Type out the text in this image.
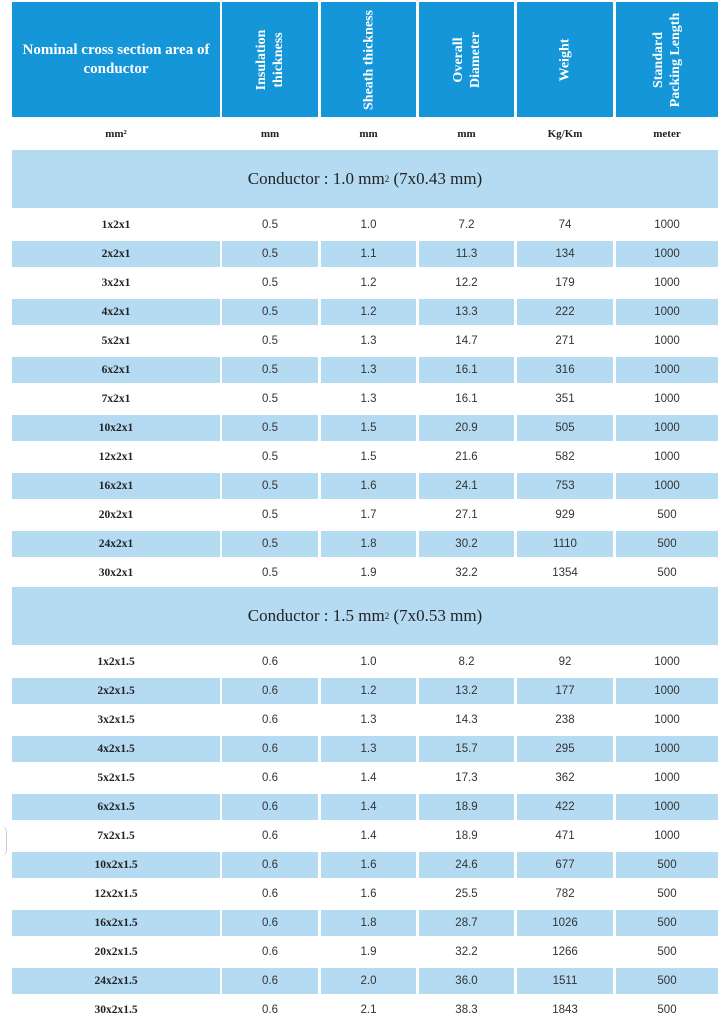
Nominal cross section area of conductor	Insulation thickness	Sheath thickness	Overall Diameter	Weight	Standard Packing Length
mm²	mm	mm	mm	Kg/Km	meter
Conductor : 1.0 mm 2 (7x0.43 mm)
1x2x1	0.5	1.0	7.2	74	1000
2x2x1	0.5	1.1	11.3	134	1000
3x2x1	0.5	1.2	12.2	179	1000
4x2x1	0.5	1.2	13.3	222	1000
5x2x1	0.5	1.3	14.7	271	1000
6x2x1	0.5	1.3	16.1	316	1000
7x2x1	0.5	1.3	16.1	351	1000
10x2x1	0.5	1.5	20.9	505	1000
12x2x1	0.5	1.5	21.6	582	1000
16x2x1	0.5	1.6	24.1	753	1000
20x2x1	0.5	1.7	27.1	929	500
24x2x1	0.5	1.8	30.2	1110	500
30x2x1	0.5	1.9	32.2	1354	500
Conductor : 1.5 mm 2 (7x0.53 mm)
1x2x1.5	0.6	1.0	8.2	92	1000
2x2x1.5	0.6	1.2	13.2	177	1000
3x2x1.5	0.6	1.3	14.3	238	1000
4x2x1.5	0.6	1.3	15.7	295	1000
5x2x1.5	0.6	1.4	17.3	362	1000
6x2x1.5	0.6	1.4	18.9	422	1000
7x2x1.5	0.6	1.4	18.9	471	1000
10x2x1.5	0.6	1.6	24.6	677	500
12x2x1.5	0.6	1.6	25.5	782	500
16x2x1.5	0.6	1.8	28.7	1026	500
20x2x1.5	0.6	1.9	32.2	1266	500
24x2x1.5	0.6	2.0	36.0	1511	500
30x2x1.5	0.6	2.1	38.3	1843	500
